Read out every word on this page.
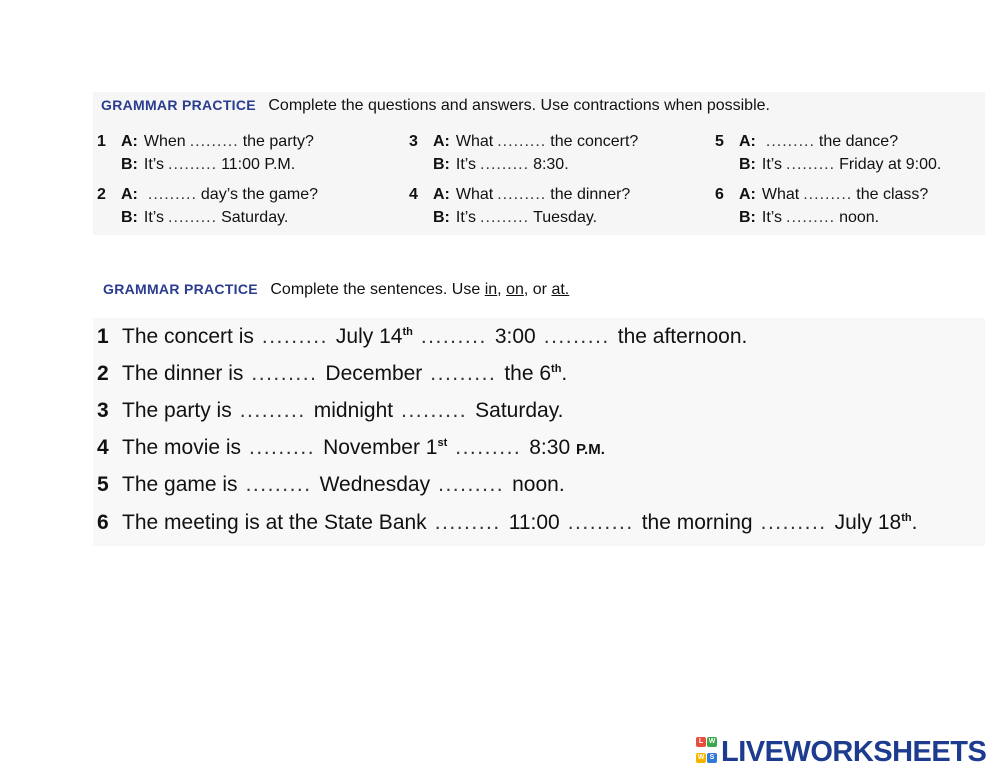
GRAMMAR PRACTICE Complete the questions and answers. Use contractions when possible.
1 A: When ......... the party?
B: It’s ......... 11:00 P.M.
2 A: ......... day’s the game?
B: It’s ......... Saturday.
3 A: What ......... the concert?
B: It’s ......... 8:30.
4 A: What ......... the dinner?
B: It’s ......... Tuesday.
5 A: ......... the dance?
B: It’s ......... Friday at 9:00.
6 A: What ......... the class?
B: It’s ......... noon.
GRAMMAR PRACTICE Complete the sentences. Use in, on, or at.
1 The concert is ......... July 14th ......... 3:00 ......... the afternoon.
2 The dinner is ......... December ......... the 6th.
3 The party is ......... midnight ......... Saturday.
4 The movie is ......... November 1st ......... 8:30 P.M.
5 The game is ......... Wednesday ......... noon.
6 The meeting is at the State Bank ......... 11:00 ......... the morning ......... July 18th.
L W
W S LIVEWORKSHEETS
